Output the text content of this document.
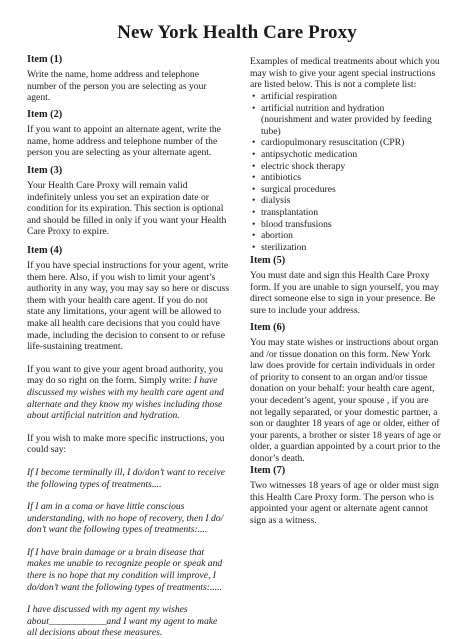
New York Health Care Proxy
Item (1)
Write the name, home address and telephone
number of the person you are selecting as your
agent.
Item (2)
If you want to appoint an alternate agent, write the
name, home address and telephone number of the
person you are selecting as your alternate agent.
Item (3)
Your Health Care Proxy will remain valid
indefinitely unless you set an expiration date or
condition for its expiration. This section is optional
and should be filled in only if you want your Health
Care Proxy to expire.
Item (4)
If you have special instructions for your agent, write
them here. Also, if you wish to limit your agent’s
authority in any way, you may say so here or discuss
them with your health care agent. If you do not
state any limitations, your agent will be allowed to
make all health care decisions that you could have
made, including the decision to consent to or refuse
life-sustaining treatment.
If you want to give your agent broad authority, you
may do so right on the form. Simply write: I have
discussed my wishes with my health care agent and
alternate and they know my wishes including those
about artificial nutrition and hydration.
If you wish to make more specific instructions, you
could say:
If I become terminally ill, I do/don’t want to receive
the following types of treatments....
If I am in a coma or have little conscious
understanding, with no hope of recovery, then I do/
don’t want the following types of treatments:....
If I have brain damage or a brain disease that
makes me unable to recognize people or speak and
there is no hope that my condition will improve, I
do/don’t want the following types of treatments:.....
I have discussed with my agent my wishes
about____________and I want my agent to make
all decisions about these measures.
Examples of medical treatments about which you
may wish to give your agent special instructions
are listed below. This is not a complete list:
• artificial respiration
• artificial nutrition and hydration
(nourishment and water provided by feeding
tube)
• cardiopulmonary resuscitation (CPR)
• antipsychotic medication
• electric shock therapy
• antibiotics
• surgical procedures
• dialysis
• transplantation
• blood transfusions
• abortion
• sterilization
Item (5)
You must date and sign this Health Care Proxy
form. If you are unable to sign yourself, you may
direct someone else to sign in your presence. Be
sure to include your address.
Item (6)
You may state wishes or instructions about organ
and /or tissue donation on this form. New York
law does provide for certain individuals in order
of priority to consent to an organ and/or tissue
donation on your behalf: your health care agent,
your decedent’s agent, your spouse , if you are
not legally separated, or your domestic partner, a
son or daughter 18 years of age or older, either of
your parents, a brother or sister 18 years of age or
older, a guardian appointed by a court prior to the
donor’s death.
Item (7)
Two witnesses 18 years of age or older must sign
this Health Care Proxy form. The person who is
appointed your agent or alternate agent cannot
sign as a witness.
